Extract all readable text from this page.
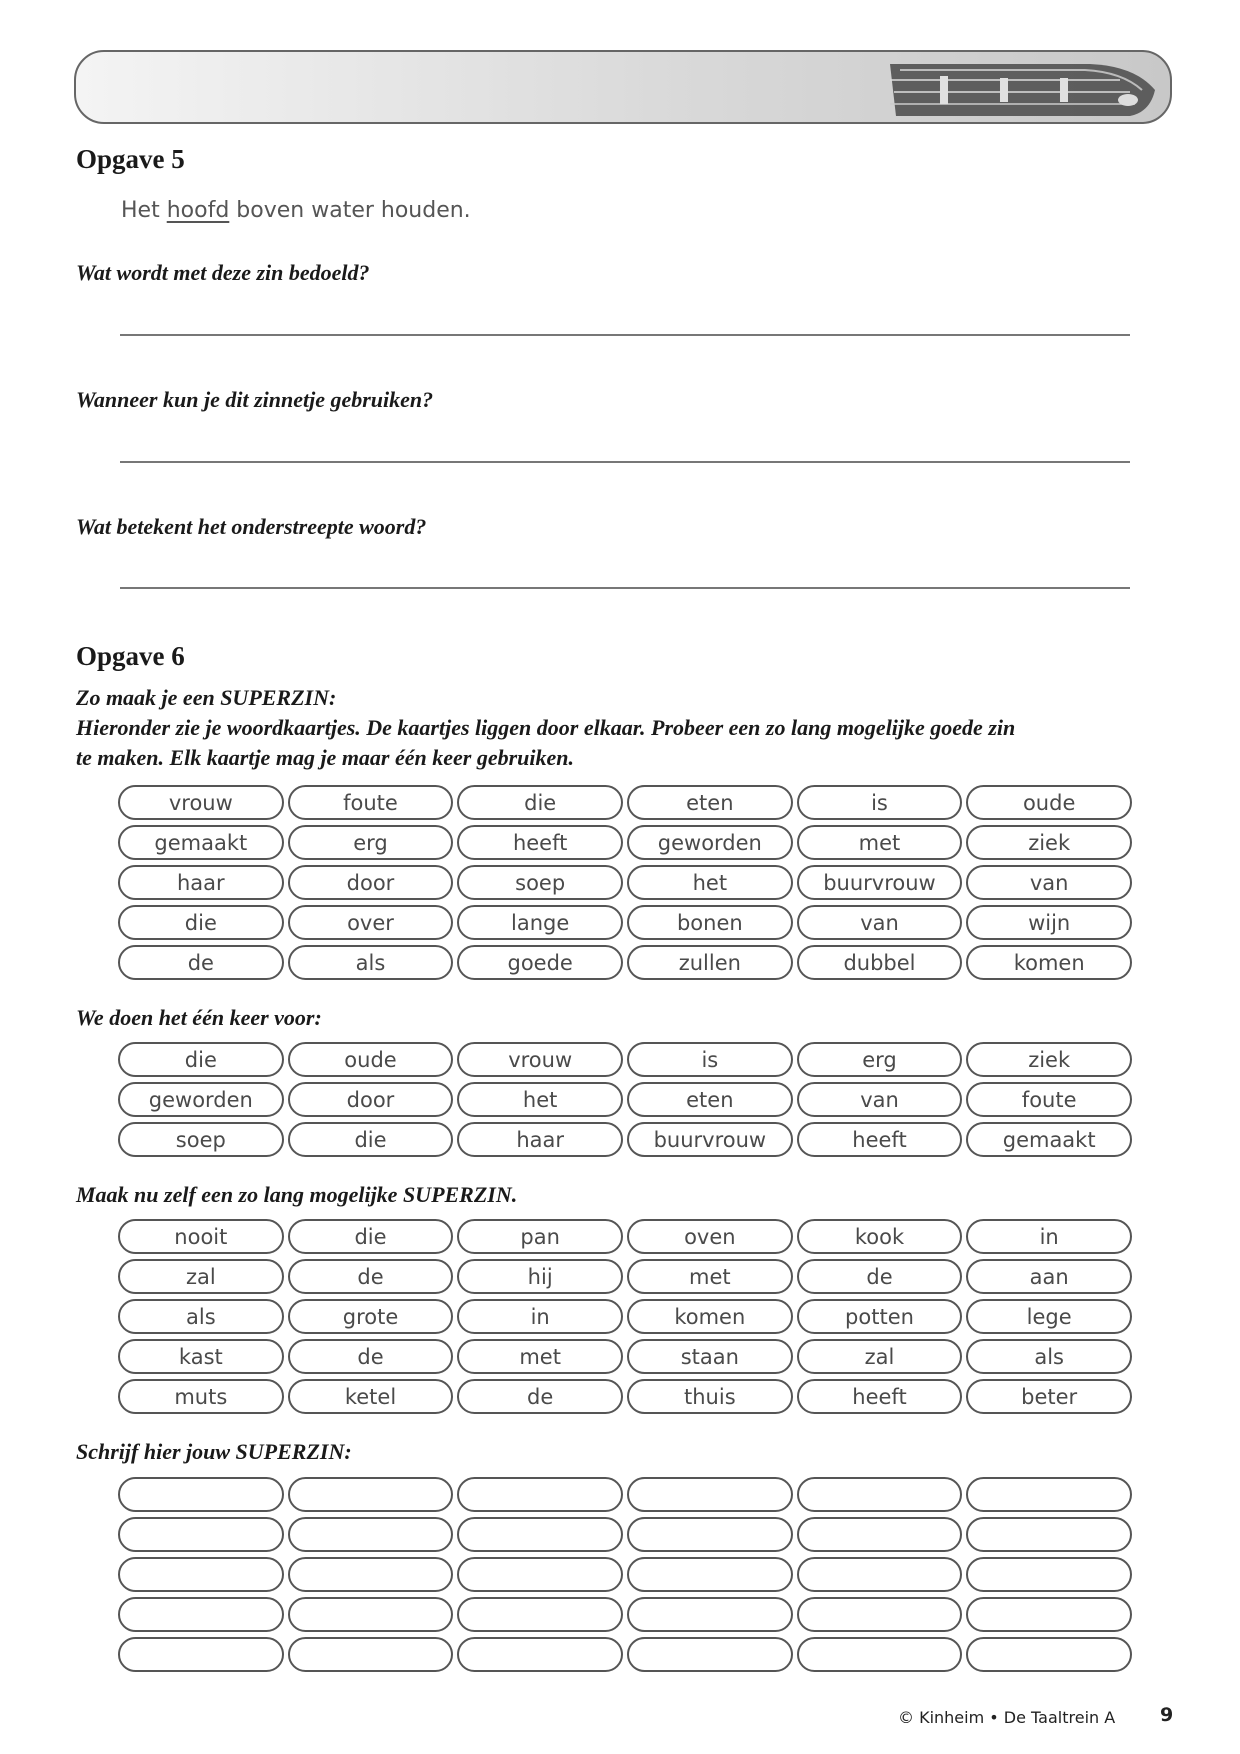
Opgave 5
Het hoofd boven water houden.
Wat wordt met deze zin bedoeld?
Wanneer kun je dit zinnetje gebruiken?
Wat betekent het onderstreepte woord?
Opgave 6
Zo maak je een SUPERZIN:
Hieronder zie je woordkaartjes. De kaartjes liggen door elkaar. Probeer een zo lang mogelijke goede zin
te maken. Elk kaartje mag je maar één keer gebruiken.
vrouw	foute	die	eten	is	oude
gemaakt	erg	heeft	geworden	met	ziek
haar	door	soep	het	buurvrouw	van
die	over	lange	bonen	van	wijn
de	als	goede	zullen	dubbel	komen
We doen het één keer voor:
die	oude	vrouw	is	erg	ziek
geworden	door	het	eten	van	foute
soep	die	haar	buurvrouw	heeft	gemaakt
Maak nu zelf een zo lang mogelijke SUPERZIN.
nooit	die	pan	oven	kook	in
zal	de	hij	met	de	aan
als	grote	in	komen	potten	lege
kast	de	met	staan	zal	als
muts	ketel	de	thuis	heeft	beter
Schrijf hier jouw SUPERZIN:
© Kinheim • De Taaltrein A 9
